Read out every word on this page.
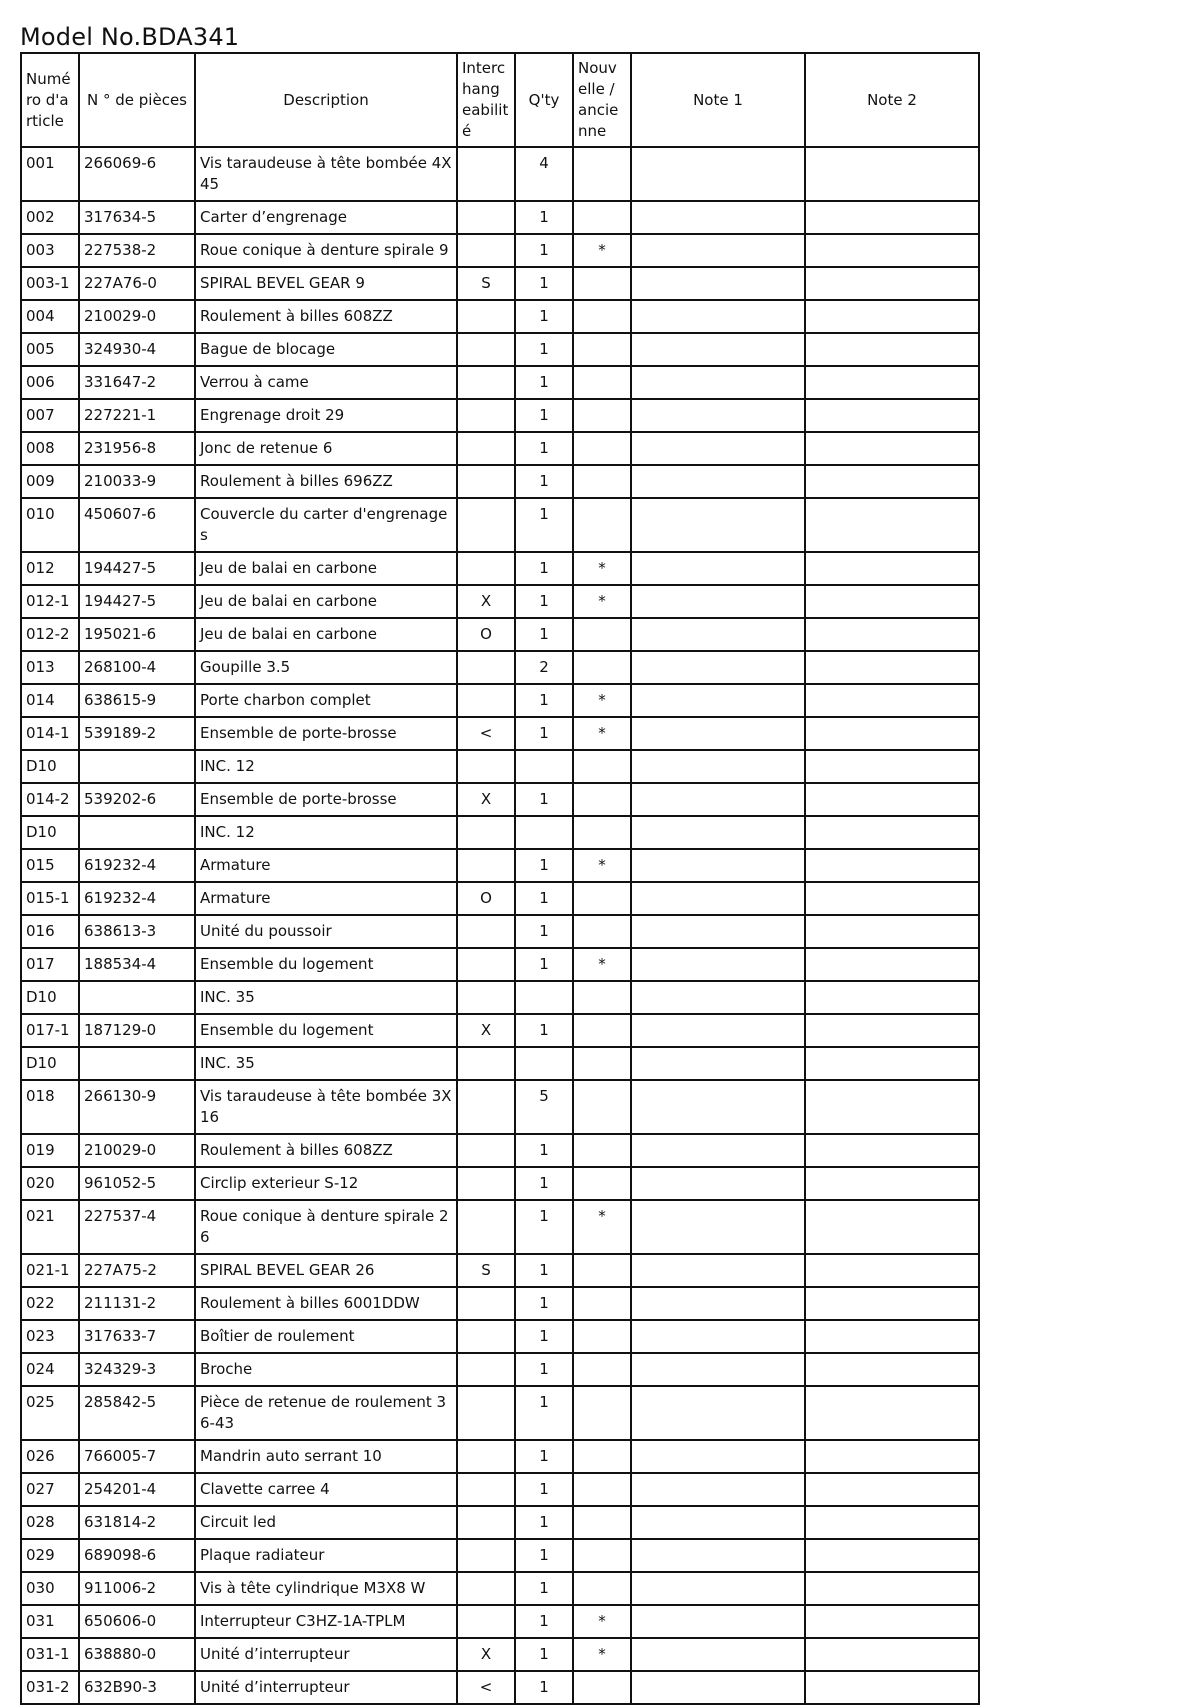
Model No.BDA341
Numé ro d'a rticle	N ° de pièces	Description	Interc hang eabilit é	Q'ty	Nouv elle / ancie nne	Note 1	Note 2
001	266069-6	Vis taraudeuse à tête bombée 4X45		4			
002	317634-5	Carter d’engrenage		1			
003	227538-2	Roue conique à denture spirale 9		1	*		
003-1	227A76-0	SPIRAL BEVEL GEAR 9	S	1			
004	210029-0	Roulement à billes 608ZZ		1			
005	324930-4	Bague de blocage		1			
006	331647-2	Verrou à came		1			
007	227221-1	Engrenage droit 29		1			
008	231956-8	Jonc de retenue 6		1			
009	210033-9	Roulement à billes 696ZZ		1			
010	450607-6	Couvercle du carter d'engrenages		1			
012	194427-5	Jeu de balai en carbone		1	*		
012-1	194427-5	Jeu de balai en carbone	X	1	*		
012-2	195021-6	Jeu de balai en carbone	O	1			
013	268100-4	Goupille 3.5		2			
014	638615-9	Porte charbon complet		1	*		
014-1	539189-2	Ensemble de porte-brosse	<	1	*		
D10		INC. 12					
014-2	539202-6	Ensemble de porte-brosse	X	1			
D10		INC. 12					
015	619232-4	Armature		1	*		
015-1	619232-4	Armature	O	1			
016	638613-3	Unité du poussoir		1			
017	188534-4	Ensemble du logement		1	*		
D10		INC. 35					
017-1	187129-0	Ensemble du logement	X	1			
D10		INC. 35					
018	266130-9	Vis taraudeuse à tête bombée 3X16		5			
019	210029-0	Roulement à billes 608ZZ		1			
020	961052-5	Circlip exterieur S-12		1			
021	227537-4	Roue conique à denture spirale 26		1	*		
021-1	227A75-2	SPIRAL BEVEL GEAR 26	S	1			
022	211131-2	Roulement à billes 6001DDW		1			
023	317633-7	Boîtier de roulement		1			
024	324329-3	Broche		1			
025	285842-5	Pièce de retenue de roulement 36-43		1			
026	766005-7	Mandrin auto serrant 10		1			
027	254201-4	Clavette carree 4		1			
028	631814-2	Circuit led		1			
029	689098-6	Plaque radiateur		1			
030	911006-2	Vis à tête cylindrique M3X8 W		1			
031	650606-0	Interrupteur C3HZ-1A-TPLM		1	*		
031-1	638880-0	Unité d’interrupteur	X	1	*		
031-2	632B90-3	Unité d’interrupteur	<	1			
